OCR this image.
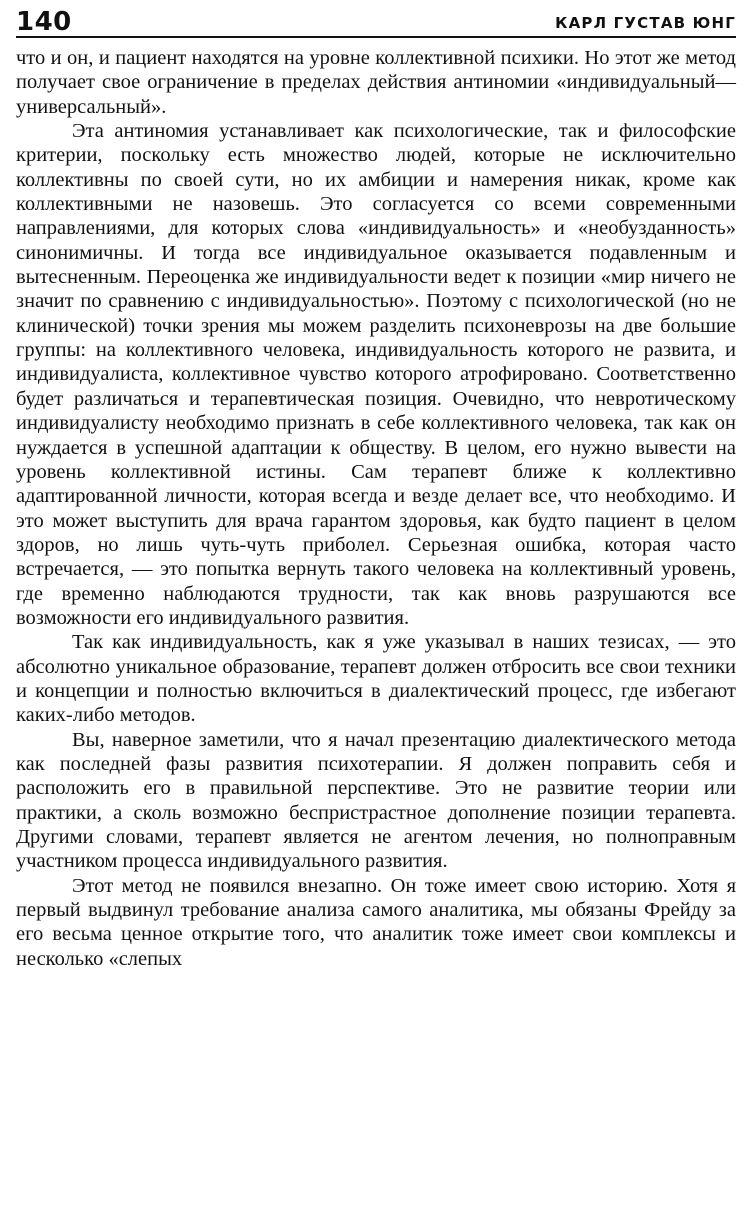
140	КАРЛ ГУСТАВ ЮНГ

что и он, и пациент находятся на уровне коллективной психики. Но этот же метод получает свое ограничение в пределах действия антиномии «индивидуальный—универсальный».

Эта антиномия устанавливает как психологические, так и философские критерии, поскольку есть множество людей, которые не исключительно коллективны по своей сути, но их амбиции и намерения никак, кроме как коллективными не назовешь. Это согласуется со всеми современными направлениями, для которых слова «индивидуальность» и «необузданность» синонимичны. И тогда все индивидуальное оказывается подавленным и вытесненным. Переоценка же индивидуальности ведет к позиции «мир ничего не значит по сравнению с индивидуальностью». Поэтому с психологической (но не клинической) точки зрения мы можем разделить психоневрозы на две большие группы: на коллективного человека, индивидуальность которого не развита, и индивидуалиста, коллективное чувство которого атрофировано. Соответственно будет различаться и терапевтическая позиция. Очевидно, что невротическому индивидуалисту необходимо признать в себе коллективного человека, так как он нуждается в успешной адаптации к обществу. В целом, его нужно вывести на уровень коллективной истины. Сам терапевт ближе к коллективно адаптированной личности, которая всегда и везде делает все, что необходимо. И это может выступить для врача гарантом здоровья, как будто пациент в целом здоров, но лишь чуть-чуть приболел. Серьезная ошибка, которая часто встречается, — это попытка вернуть такого человека на коллективный уровень, где временно наблюдаются трудности, так как вновь разрушаются все возможности его индивидуального развития.

Так как индивидуальность, как я уже указывал в наших тезисах, — это абсолютно уникальное образование, терапевт должен отбросить все свои техники и концепции и полностью включиться в диалектический процесс, где избегают каких-либо методов.

Вы, наверное заметили, что я начал презентацию диалектического метода как последней фазы развития психотерапии. Я должен поправить себя и расположить его в правильной перспективе. Это не развитие теории или практики, а сколь возможно беспристрастное дополнение позиции терапевта. Другими словами, терапевт является не агентом лечения, но полноправным участником процесса индивидуального развития.

Этот метод не появился внезапно. Он тоже имеет свою историю. Хотя я первый выдвинул требование анализа самого аналитика, мы обязаны Фрейду за его весьма ценное открытие того, что аналитик тоже имеет свои комплексы и несколько «слепых
